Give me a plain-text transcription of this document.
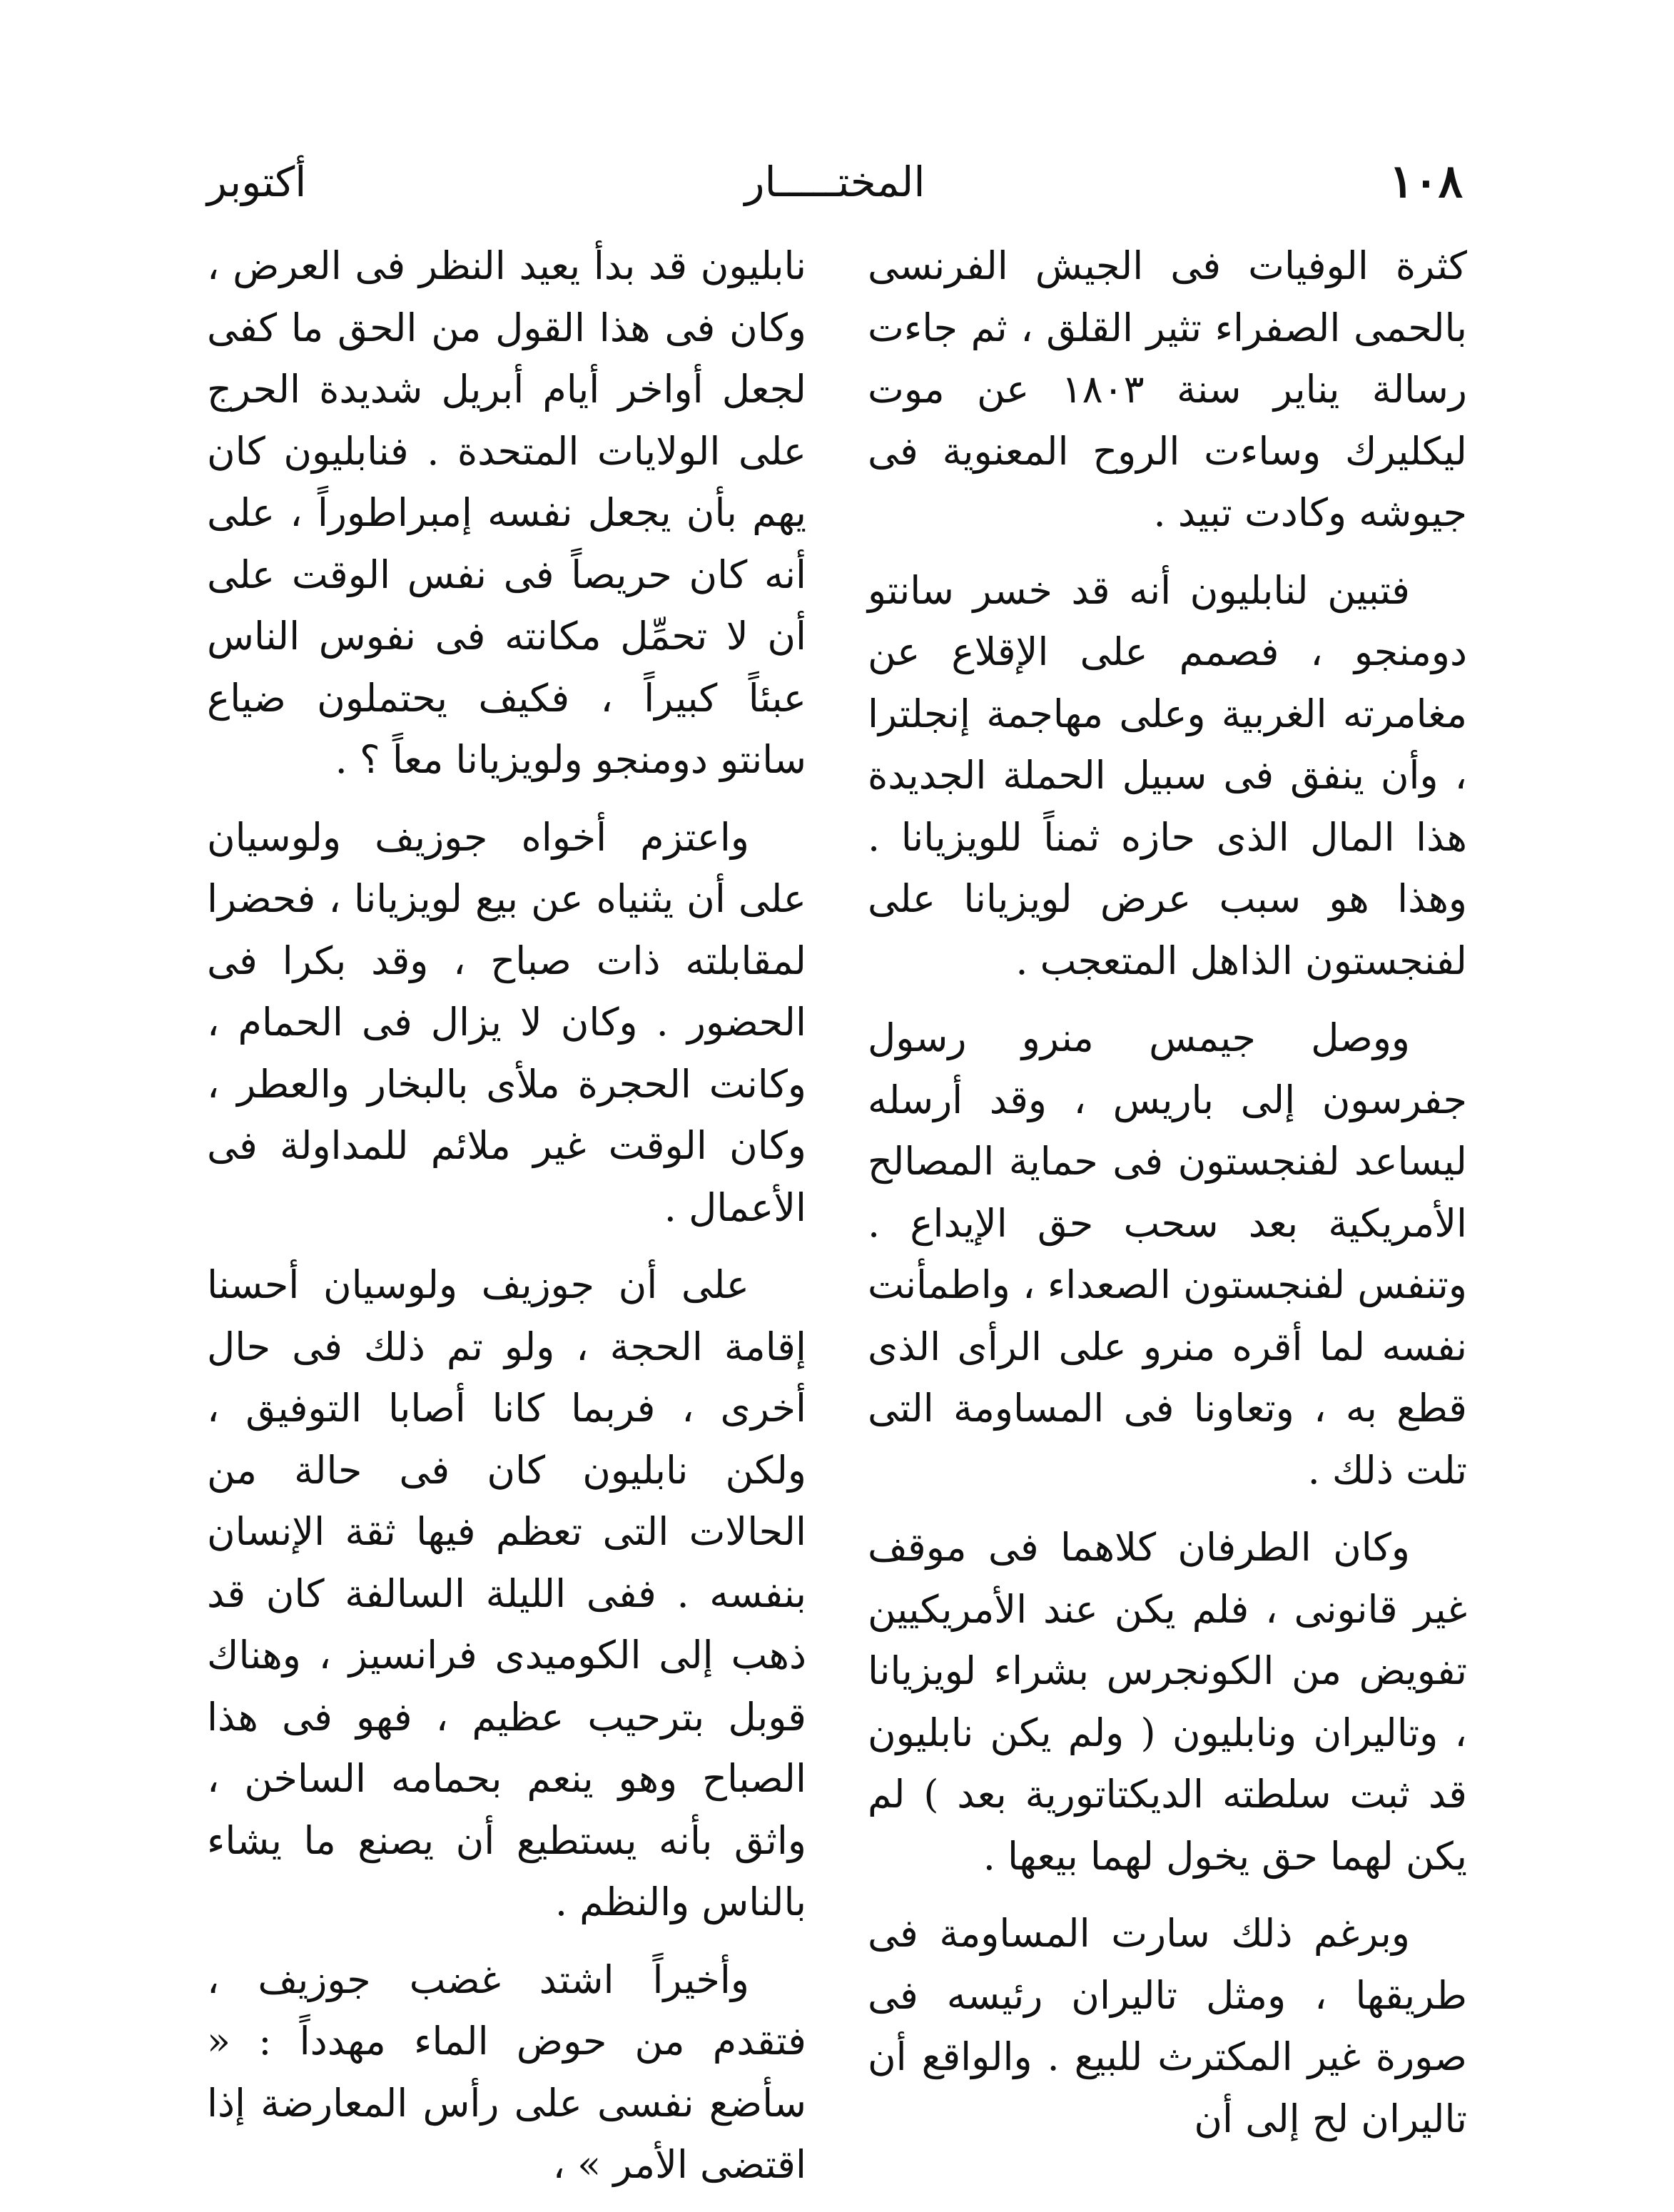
١٠٨
المختـــــار
أكتوبر

كثرة الوفيات فى الجيش الفرنسى بالحمى الصفراء تثير القلق ، ثم جاءت رسالة يناير سنة ١٨٠٣ عن موت ليكليرك وساءت الروح المعنوية فى جيوشه وكادت تبيد .

فتبين لنابليون أنه قد خسر سانتو دومنجو ، فصمم على الإقلاع عن مغامرته الغربية وعلى مهاجمة إنجلترا ، وأن ينفق فى سبيل الحملة الجديدة هذا المال الذى حازه ثمناً للويزيانا . وهذا هو سبب عرض لويزيانا على لفنجستون الذاهل المتعجب .

ووصل جيمس منرو رسول جفرسون إلى باريس ، وقد أرسله ليساعد لفنجستون فى حماية المصالح الأمريكية بعد سحب حق الإيداع . وتنفس لفنجستون الصعداء ، واطمأنت نفسه لما أقره منرو على الرأى الذى قطع به ، وتعاونا فى المساومة التى تلت ذلك .

وكان الطرفان كلاهما فى موقف غير قانونى ، فلم يكن عند الأمريكيين تفويض من الكونجرس بشراء لويزيانا ، وتاليران ونابليون ( ولم يكن نابليون قد ثبت سلطته الديكتاتورية بعد ) لم يكن لهما حق يخول لهما بيعها .

وبرغم ذلك سارت المساومة فى طريقها ، ومثل تاليران رئيسه فى صورة غير المكترث للبيع . والواقع أن تاليران لح إلى أن

نابليون قد بدأ يعيد النظر فى العرض ، وكان فى هذا القول من الحق ما كفى لجعل أواخر أيام أبريل شديدة الحرج على الولايات المتحدة . فنابليون كان يهم بأن يجعل نفسه إمبراطوراً ، على أنه كان حريصاً فى نفس الوقت على أن لا تحمِّل مكانته فى نفوس الناس عبئاً كبيراً ، فكيف يحتملون ضياع سانتو دومنجو ولويزيانا معاً ؟ .

واعتزم أخواه جوزيف ولوسيان على أن يثنياه عن بيع لويزيانا ، فحضرا لمقابلته ذات صباح ، وقد بكرا فى الحضور . وكان لا يزال فى الحمام ، وكانت الحجرة ملأى بالبخار والعطر ، وكان الوقت غير ملائم للمداولة فى الأعمال .

على أن جوزيف ولوسيان أحسنا إقامة الحجة ، ولو تم ذلك فى حال أخرى ، فربما كانا أصابا التوفيق ، ولكن نابليون كان فى حالة من الحالات التى تعظم فيها ثقة الإنسان بنفسه . ففى الليلة السالفة كان قد ذهب إلى الكوميدى فرانسيز ، وهناك قوبل بترحيب عظيم ، فهو فى هذا الصباح وهو ينعم بحمامه الساخن ، واثق بأنه يستطيع أن يصنع ما يشاء بالناس والنظم .

وأخيراً اشتد غضب جوزيف ، فتقدم من حوض الماء مهدداً : « سأضع نفسى على رأس المعارضة إذا اقتضى الأمر » ،
